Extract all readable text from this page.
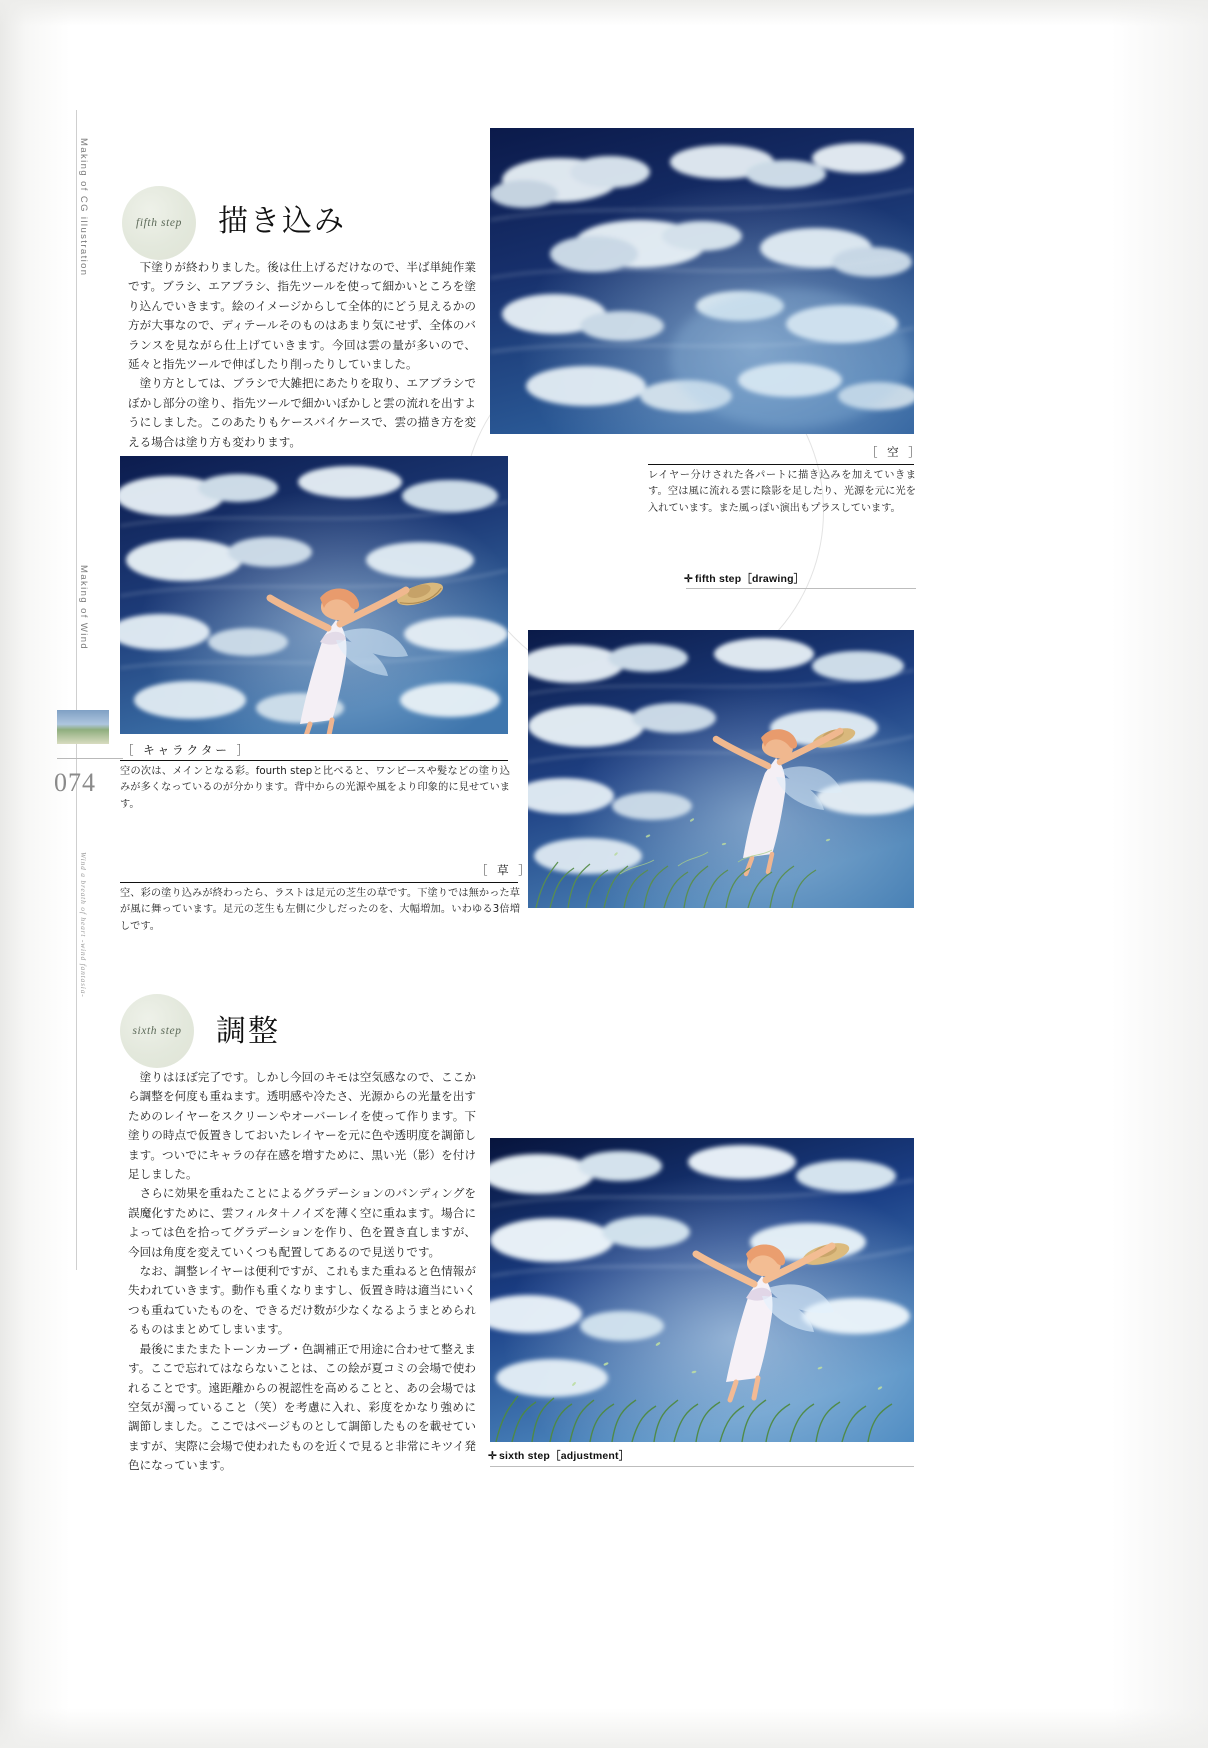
Making of CG illustration
Making of Wind
074
Wind a breath of heart -wind fantasia-
fifth step 描き込み

下塗りが終わりました。後は仕上げるだけなので、半ば単純作業です。ブラシ、エアブラシ、指先ツールを使って細かいところを塗り込んでいきます。絵のイメージからして全体的にどう見えるかの方が大事なので、ディテールそのものはあまり気にせず、全体のバランスを見ながら仕上げていきます。今回は雲の量が多いので、延々と指先ツールで伸ばしたり削ったりしていました。

塗り方としては、ブラシで大雑把にあたりを取り、エアブラシでぼかし部分の塗り、指先ツールで細かいぼかしと雲の流れを出すようにしました。このあたりもケースバイケースで、雲の描き方を変える場合は塗り方も変わります。

［ 空 ］
レイヤー分けされた各パートに描き込みを加えていきます。空は風に流れる雲に陰影を足したり、光源を元に光を入れています。また風っぽい演出もプラスしています。
✛ fifth step［drawing］
［ キャラクター ］
空の次は、メインとなる彩。fourth stepと比べると、ワンピースや髪などの塗り込みが多くなっているのが分かります。背中からの光源や風をより印象的に見せています。
［ 草 ］
空、彩の塗り込みが終わったら、ラストは足元の芝生の草です。下塗りでは無かった草が風に舞っています。足元の芝生も左側に少しだったのを、大幅増加。いわゆる3倍増しです。
sixth step 調整

塗りはほぼ完了です。しかし今回のキモは空気感なので、ここから調整を何度も重ねます。透明感や冷たさ、光源からの光量を出すためのレイヤーをスクリーンやオーバーレイを使って作ります。下塗りの時点で仮置きしておいたレイヤーを元に色や透明度を調節します。ついでにキャラの存在感を増すために、黒い光（影）を付け足しました。

さらに効果を重ねたことによるグラデーションのバンディングを誤魔化すために、雲フィルタ＋ノイズを薄く空に重ねます。場合によっては色を拾ってグラデーションを作り、色を置き直しますが、今回は角度を変えていくつも配置してあるので見送りです。

なお、調整レイヤーは便利ですが、これもまた重ねると色情報が失われていきます。動作も重くなりますし、仮置き時は適当にいくつも重ねていたものを、できるだけ数が少なくなるようまとめられるものはまとめてしまいます。

最後にまたまたトーンカーブ・色調補正で用途に合わせて整えます。ここで忘れてはならないことは、この絵が夏コミの会場で使われることです。遠距離からの視認性を高めることと、あの会場では空気が濁っていること（笑）を考慮に入れ、彩度をかなり強めに調節しました。ここではページものとして調節したものを載せていますが、実際に会場で使われたものを近くで見ると非常にキツイ発色になっています。

✛ sixth step［adjustment］
